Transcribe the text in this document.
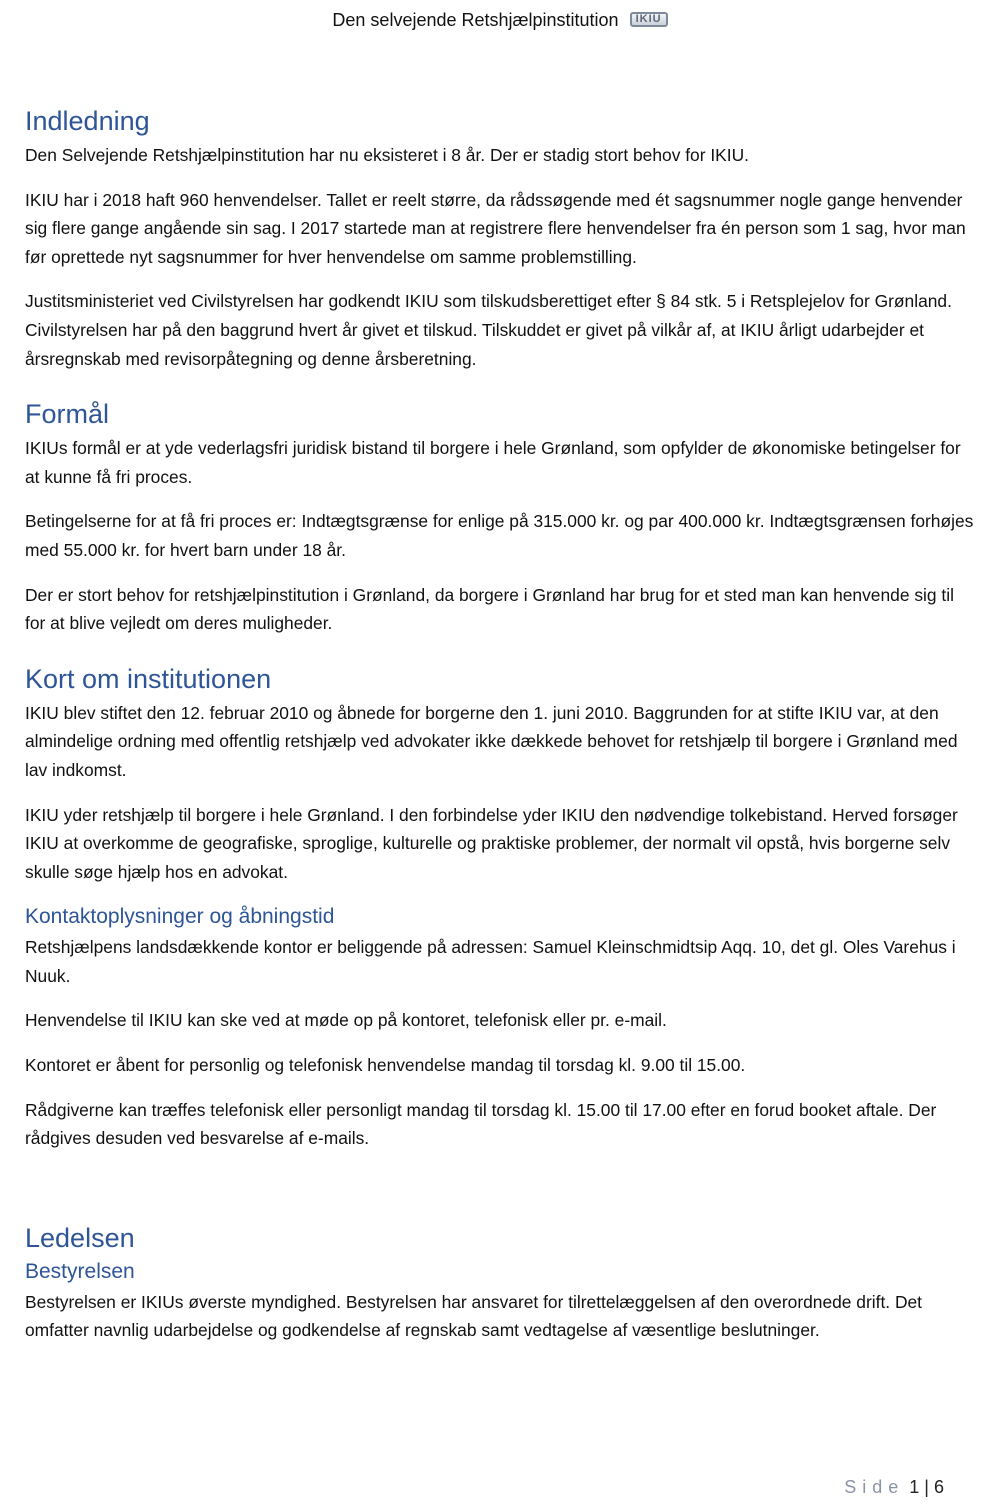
Den selvejende Retshjælpinstitution IKIU
Indledning

Den Selvejende Retshjælpinstitution har nu eksisteret i 8 år. Der er stadig stort behov for IKIU.

IKIU har i 2018 haft 960 henvendelser. Tallet er reelt større, da rådssøgende med ét sagsnummer nogle gange henvender sig flere gange angående sin sag. I 2017 startede man at registrere flere henvendelser fra én person som 1 sag, hvor man før oprettede nyt sagsnummer for hver henvendelse om samme problemstilling.

Justitsministeriet ved Civilstyrelsen har godkendt IKIU som tilskudsberettiget efter § 84 stk. 5 i Retsplejelov for Grønland. Civilstyrelsen har på den baggrund hvert år givet et tilskud. Tilskuddet er givet på vilkår af, at IKIU årligt udarbejder et årsregnskab med revisorpåtegning og denne årsberetning.

Formål

IKIUs formål er at yde vederlagsfri juridisk bistand til borgere i hele Grønland, som opfylder de økonomiske betingelser for at kunne få fri proces.

Betingelserne for at få fri proces er: Indtægtsgrænse for enlige på 315.000 kr. og par 400.000 kr. Indtægtsgrænsen forhøjes med 55.000 kr. for hvert barn under 18 år.

Der er stort behov for retshjælpinstitution i Grønland, da borgere i Grønland har brug for et sted man kan henvende sig til for at blive vejledt om deres muligheder.

Kort om institutionen

IKIU blev stiftet den 12. februar 2010 og åbnede for borgerne den 1. juni 2010. Baggrunden for at stifte IKIU var, at den almindelige ordning med offentlig retshjælp ved advokater ikke dækkede behovet for retshjælp til borgere i Grønland med lav indkomst.

IKIU yder retshjælp til borgere i hele Grønland. I den forbindelse yder IKIU den nødvendige tolkebistand. Herved forsøger IKIU at overkomme de geografiske, sproglige, kulturelle og praktiske problemer, der normalt vil opstå, hvis borgerne selv skulle søge hjælp hos en advokat.

Kontaktoplysninger og åbningstid

Retshjælpens landsdækkende kontor er beliggende på adressen: Samuel Kleinschmidtsip Aqq. 10, det gl. Oles Varehus i Nuuk.

Henvendelse til IKIU kan ske ved at møde op på kontoret, telefonisk eller pr. e-mail.

Kontoret er åbent for personlig og telefonisk henvendelse mandag til torsdag kl. 9.00 til 15.00.

Rådgiverne kan træffes telefonisk eller personligt mandag til torsdag kl. 15.00 til 17.00 efter en forud booket aftale. Der rådgives desuden ved besvarelse af e-mails.

Ledelsen
Bestyrelsen

Bestyrelsen er IKIUs øverste myndighed. Bestyrelsen har ansvaret for tilrettelæggelsen af den overordnede drift. Det omfatter navnlig udarbejdelse og godkendelse af regnskab samt vedtagelse af væsentlige beslutninger.

Side 1 | 6
